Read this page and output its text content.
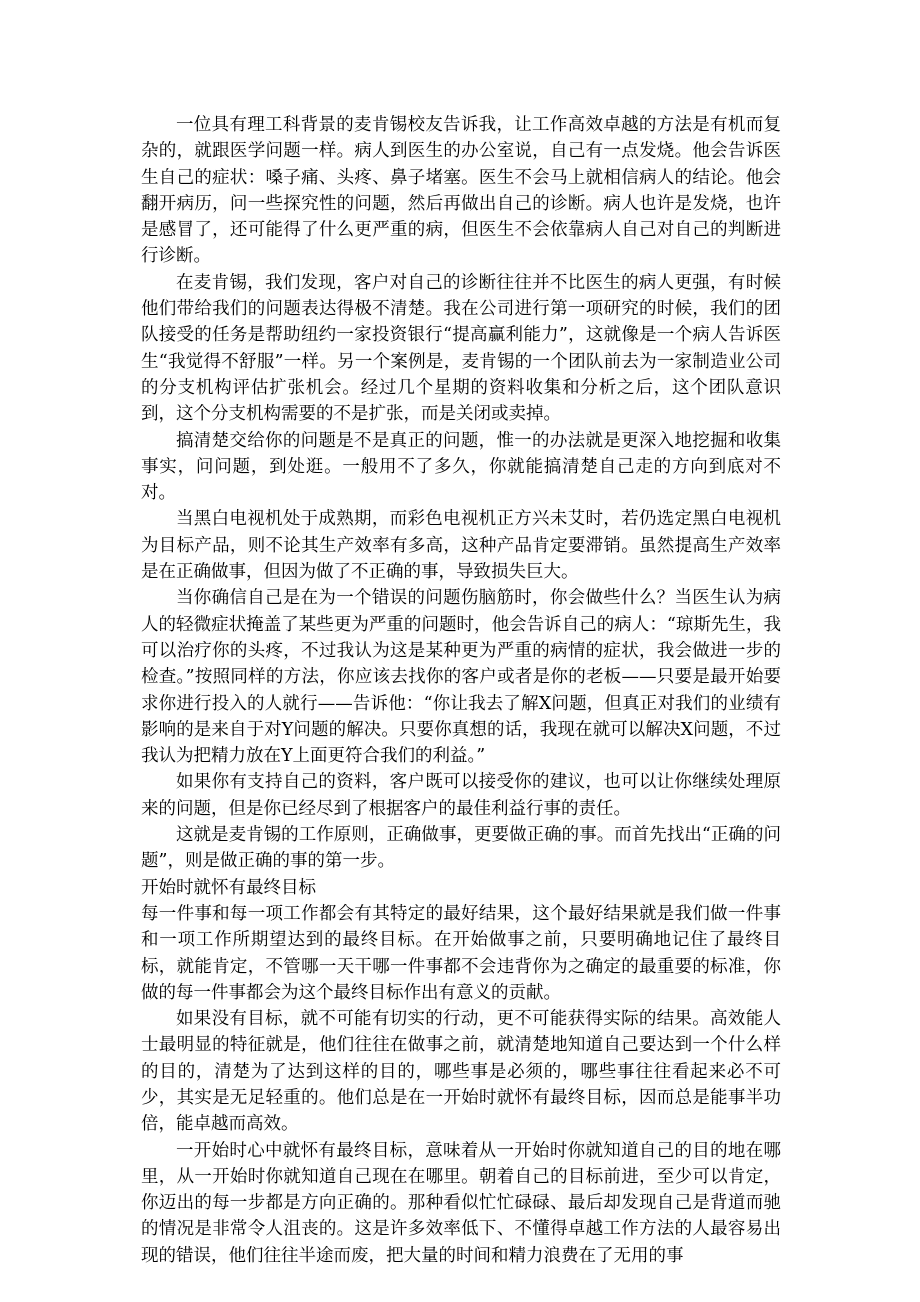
一位具有理工科背景的麦肯锡校友告诉我，让工作高效卓越的方法是有机而复杂的，就跟医学问题一样。病人到医生的办公室说，自己有一点发烧。他会告诉医生自己的症状：嗓子痛、头疼、鼻子堵塞。医生不会马上就相信病人的结论。他会翻开病历，问一些探究性的问题，然后再做出自己的诊断。病人也许是发烧，也许是感冒了，还可能得了什么更严重的病，但医生不会依靠病人自己对自己的判断进行诊断。

在麦肯锡，我们发现，客户对自己的诊断往往并不比医生的病人更强，有时候他们带给我们的问题表达得极不清楚。我在公司进行第一项研究的时候，我们的团队接受的任务是帮助纽约一家投资银行“提高赢利能力”，这就像是一个病人告诉医生“我觉得不舒服”一样。另一个案例是，麦肯锡的一个团队前去为一家制造业公司的分支机构评估扩张机会。经过几个星期的资料收集和分析之后，这个团队意识到，这个分支机构需要的不是扩张，而是关闭或卖掉。

搞清楚交给你的问题是不是真正的问题，惟一的办法就是更深入地挖掘和收集事实，问问题，到处逛。一般用不了多久，你就能搞清楚自己走的方向到底对不对。

当黑白电视机处于成熟期，而彩色电视机正方兴未艾时，若仍选定黑白电视机为目标产品，则不论其生产效率有多高，这种产品肯定要滞销。虽然提高生产效率是在正确做事，但因为做了不正确的事，导致损失巨大。

当你确信自己是在为一个错误的问题伤脑筋时，你会做些什么？当医生认为病人的轻微症状掩盖了某些更为严重的问题时，他会告诉自己的病人：“琼斯先生，我可以治疗你的头疼，不过我认为这是某种更为严重的病情的症状，我会做进一步的检查。”按照同样的方法，你应该去找你的客户或者是你的老板——只要是最开始要求你进行投入的人就行——告诉他：“你让我去了解X问题，但真正对我们的业绩有影响的是来自于对Y问题的解决。只要你真想的话，我现在就可以解决X问题，不过我认为把精力放在Y上面更符合我们的利益。”

如果你有支持自己的资料，客户既可以接受你的建议，也可以让你继续处理原来的问题，但是你已经尽到了根据客户的最佳利益行事的责任。

这就是麦肯锡的工作原则，正确做事，更要做正确的事。而首先找出“正确的问题”，则是做正确的事的第一步。

开始时就怀有最终目标

每一件事和每一项工作都会有其特定的最好结果，这个最好结果就是我们做一件事和一项工作所期望达到的最终目标。在开始做事之前，只要明确地记住了最终目标，就能肯定，不管哪一天干哪一件事都不会违背你为之确定的最重要的标准，你做的每一件事都会为这个最终目标作出有意义的贡献。

如果没有目标，就不可能有切实的行动，更不可能获得实际的结果。高效能人士最明显的特征就是，他们往往在做事之前，就清楚地知道自己要达到一个什么样的目的，清楚为了达到这样的目的，哪些事是必须的，哪些事往往看起来必不可少，其实是无足轻重的。他们总是在一开始时就怀有最终目标，因而总是能事半功倍，能卓越而高效。

一开始时心中就怀有最终目标，意味着从一开始时你就知道自己的目的地在哪里，从一开始时你就知道自己现在在哪里。朝着自己的目标前进，至少可以肯定，你迈出的每一步都是方向正确的。那种看似忙忙碌碌、最后却发现自己是背道而驰的情况是非常令人沮丧的。这是许多效率低下、不懂得卓越工作方法的人最容易出现的错误，他们往往半途而废，把大量的时间和精力浪费在了无用的事
